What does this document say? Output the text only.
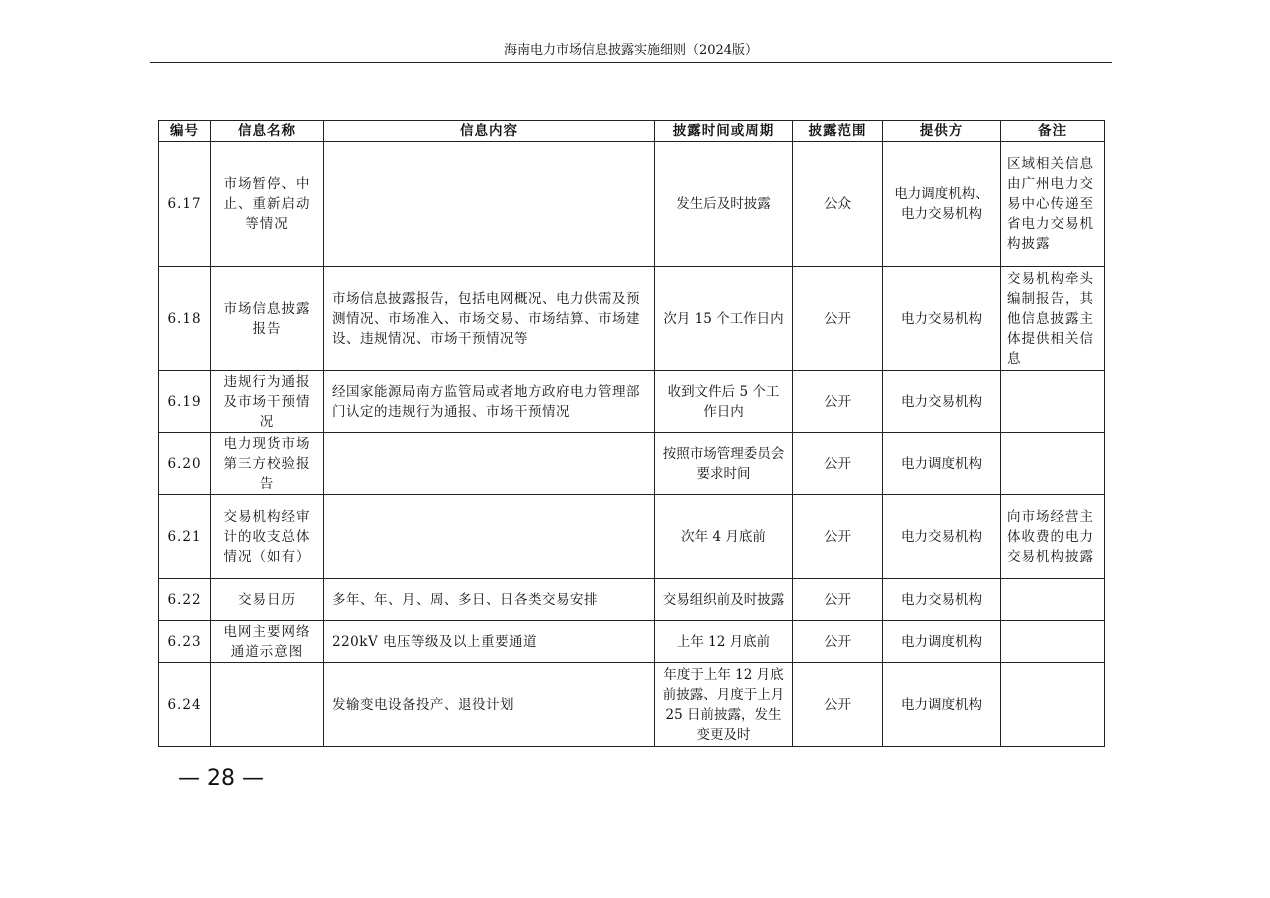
海南电力市场信息披露实施细则（2024版）
编号	信息名称	信息内容	披露时间或周期	披露范围	提供方	备注
6.17	市场暂停、中止、重新启动等情况		发生后及时披露	公众	电力调度机构、电力交易机构	区域相关信息由广州电力交易中心传递至省电力交易机构披露
6.18	市场信息披露报告	市场信息披露报告，包括电网概况、电力供需及预测情况、市场准入、市场交易、市场结算、市场建设、违规情况、市场干预情况等	次月 15 个工作日内	公开	电力交易机构	交易机构牵头编制报告，其他信息披露主体提供相关信息
6.19	违规行为通报及市场干预情况	经国家能源局南方监管局或者地方政府电力管理部门认定的违规行为通报、市场干预情况	收到文件后 5 个工作日内	公开	电力交易机构	
6.20	电力现货市场第三方校验报告		按照市场管理委员会要求时间	公开	电力调度机构	
6.21	交易机构经审计的收支总体情况（如有）		次年 4 月底前	公开	电力交易机构	向市场经营主体收费的电力交易机构披露
6.22	交易日历	多年、年、月、周、多日、日各类交易安排	交易组织前及时披露	公开	电力交易机构	
6.23	电网主要网络通道示意图	220kV 电压等级及以上重要通道	上年 12 月底前	公开	电力调度机构	
6.24		发输变电设备投产、退役计划	年度于上年 12 月底前披露、月度于上月 25 日前披露，发生变更及时	公开	电力调度机构	
— 28 —
